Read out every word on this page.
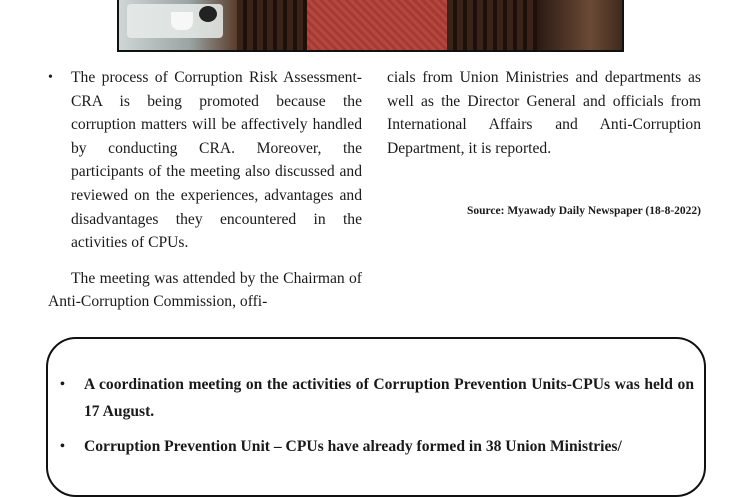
• The process of Corruption Risk Assessment-CRA is being promoted because the corruption matters will be affectively handled by conducting CRA. Moreover, the participants of the meeting also discussed and reviewed on the experiences, advantages and disadvantages they encountered in the activities of CPUs.

The meeting was attended by the Chairman of Anti-Corruption Commission, offi-

cials from Union Ministries and departments as well as the Director General and officials from International Affairs and Anti-Corruption Department, it is reported.

Source: Myawady Daily Newspaper (18-8-2022)
• A coordination meeting on the activities of Corruption Prevention Units-CPUs was held on 17 August.
• Corruption Prevention Unit – CPUs have already formed in 38 Union Ministries/
